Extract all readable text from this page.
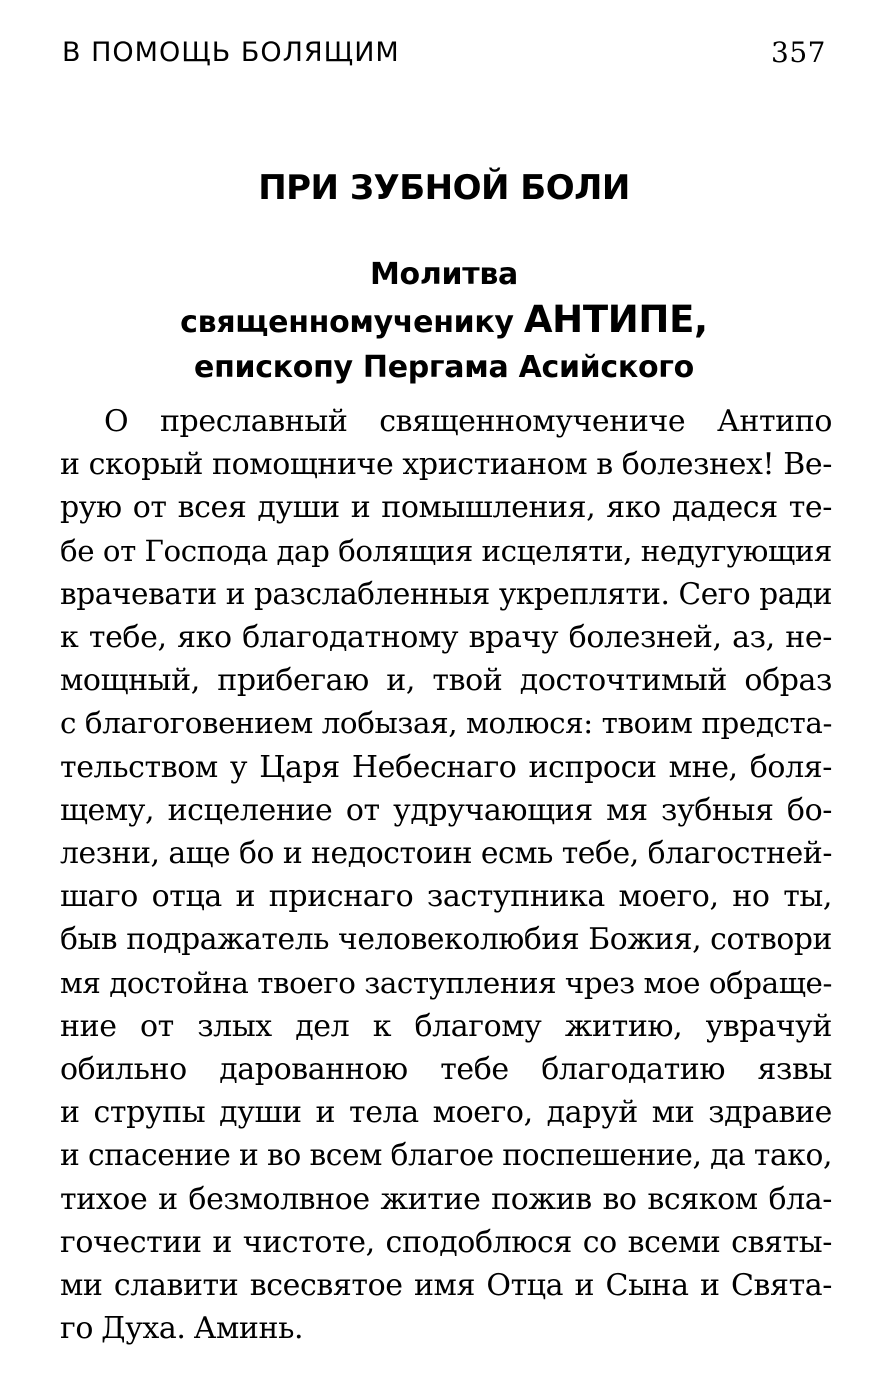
В ПОМОЩЬ БОЛЯЩИМ	357
ПРИ ЗУБНОЙ БОЛИ
Молитва
священномученику АНТИПЕ,
епископу Пергама Асийского
О преславный священномучениче Антипо
и скорый помощниче христианом в болезнех! Ве-
рую от всея души и помышления, яко дадеся те-
бе от Господа дар болящия исцеляти, недугующия
врачевати и разслабленныя укрепляти. Сего ради
к тебе, яко благодатному врачу болезней, аз, не-
мощный, прибегаю и, твой досточтимый образ
с благоговением лобызая, молюся: твоим предста-
тельством у Царя Небеснаго испроси мне, боля-
щему, исцеление от удручающия мя зубныя бо-
лезни, аще бо и недостоин есмь тебе, благостней-
шаго отца и приснаго заступника моего, но ты,
быв подражатель человеколюбия Божия, сотвори
мя достойна твоего заступления чрез мое обраще-
ние от злых дел к благому житию, уврачуй
обильно дарованною тебе благодатию язвы
и струпы души и тела моего, даруй ми здравие
и спасение и во всем благое поспешение, да тако,
тихое и безмолвное житие пожив во всяком бла-
гочестии и чистоте, сподоблюся со всеми святы-
ми славити всесвятое имя Отца и Сына и Свята-
го Духа. Аминь.
